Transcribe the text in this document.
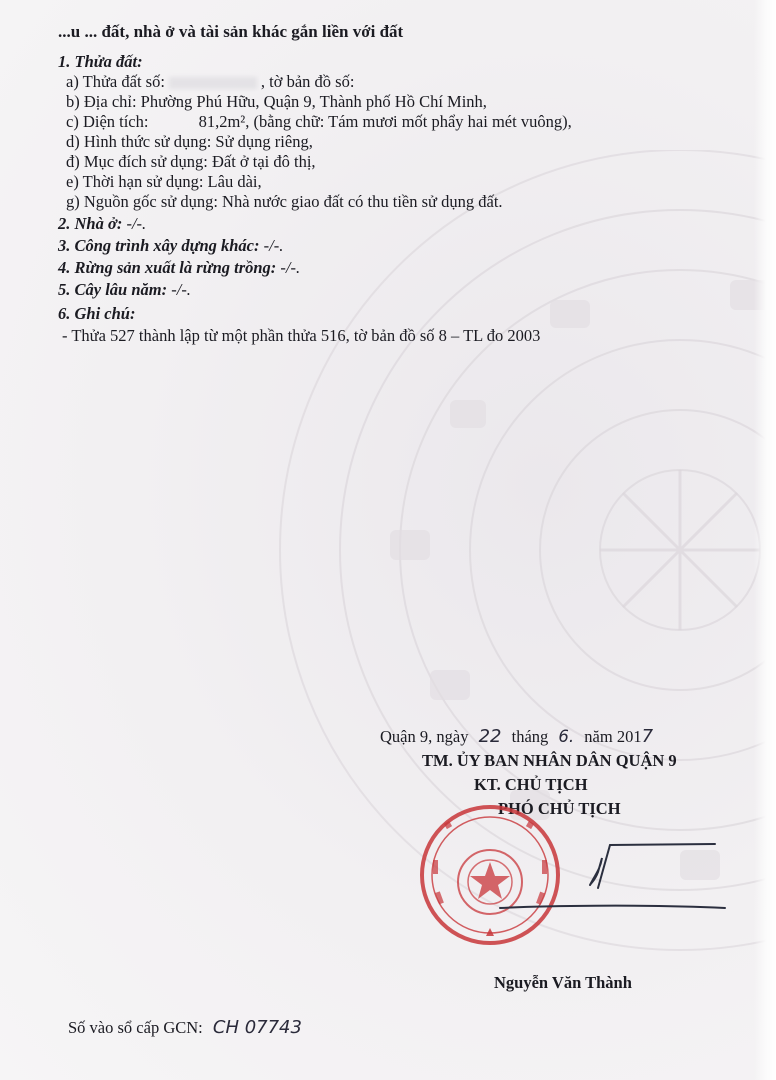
...u ... đất, nhà ở và tài sản khác gắn liền với đất
1. Thửa đất:
a) Thửa đất số:	, tờ bản đồ số:
b) Địa chỉ: Phường Phú Hữu, Quận 9, Thành phố Hồ Chí Minh,
c) Diện tích:	81,2m², (bằng chữ: Tám mươi mốt phẩy hai mét vuông),
d) Hình thức sử dụng: Sử dụng riêng,
đ) Mục đích sử dụng: Đất ở tại đô thị,
e) Thời hạn sử dụng: Lâu dài,
g) Nguồn gốc sử dụng: Nhà nước giao đất có thu tiền sử dụng đất.
2. Nhà ở: -/-.
3. Công trình xây dựng khác: -/-.
4. Rừng sản xuất là rừng trồng: -/-.
5. Cây lâu năm: -/-.
6. Ghi chú:
- Thửa 527 thành lập từ một phần thửa 516, tờ bản đồ số 8 – TL đo 2003
Quận 9, ngày 22 tháng 6. năm 2017
TM. ỦY BAN NHÂN DÂN QUẬN 9
KT. CHỦ TỊCH
PHÓ CHỦ TỊCH
Nguyễn Văn Thành
Số vào sổ cấp GCN: CH 07743
